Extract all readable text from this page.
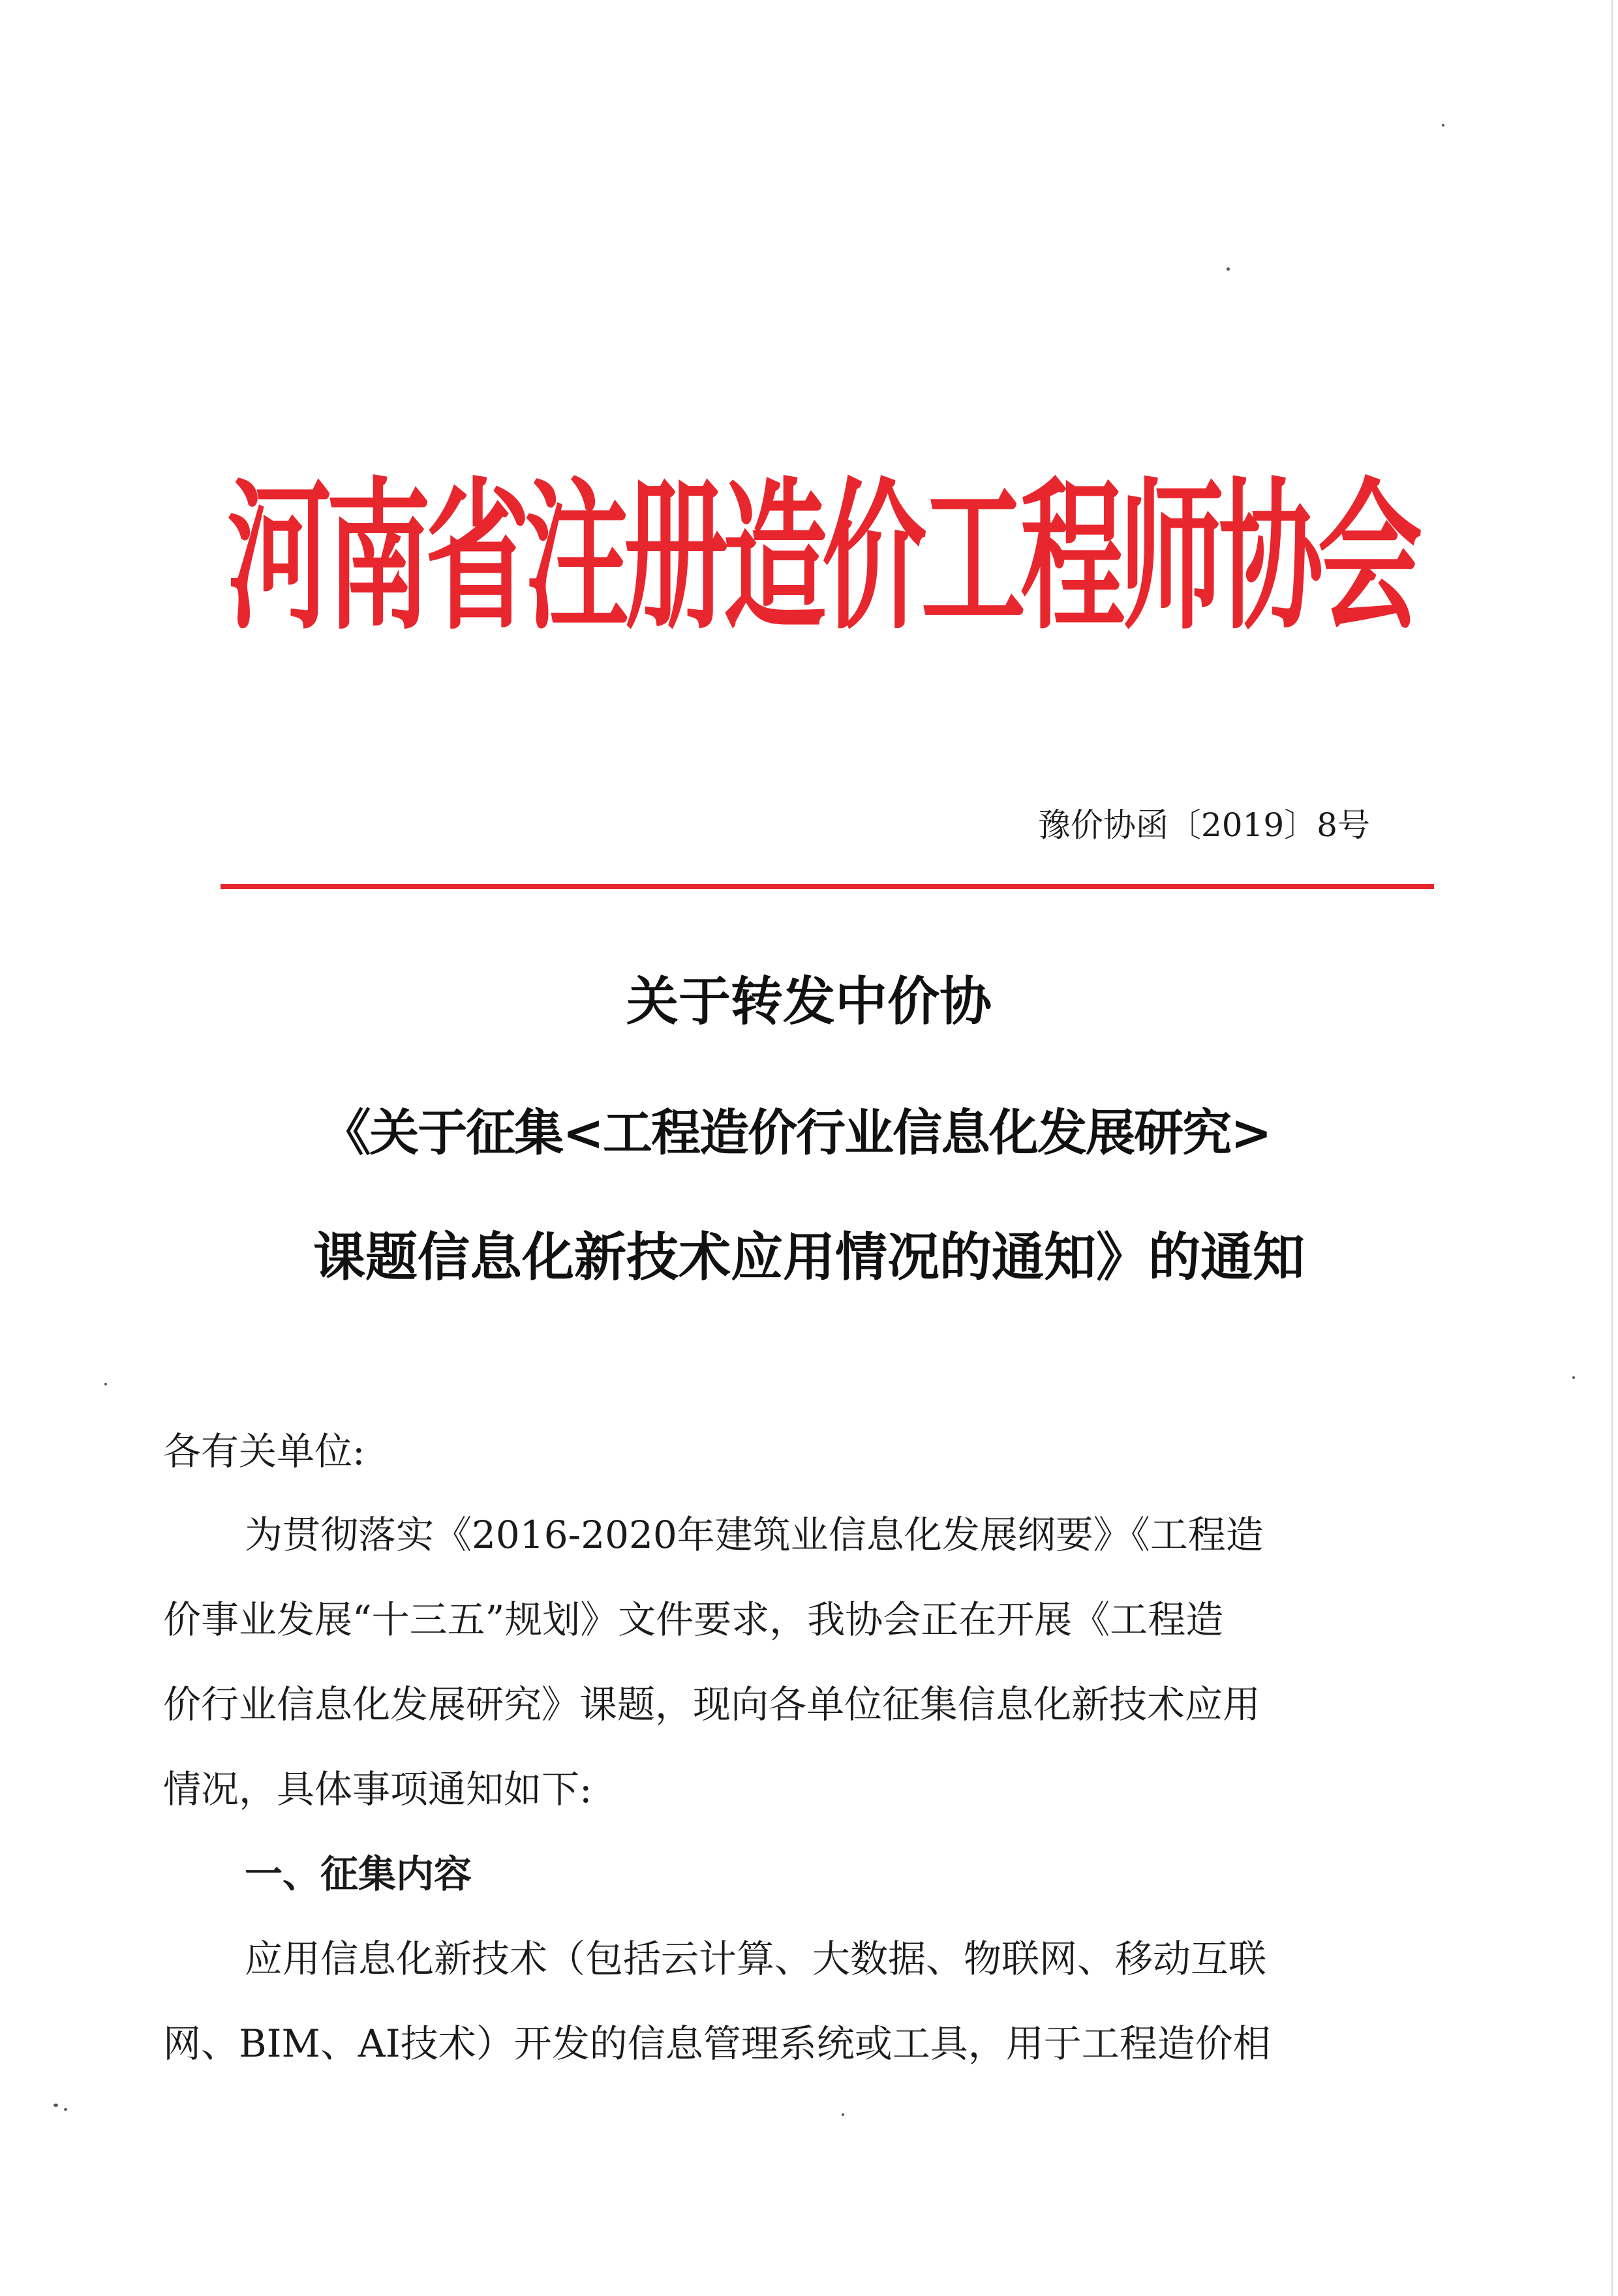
河南省注册造价工程师协会

豫价协函〔2019〕8号

关于转发中价协
《关于征集<工程造价行业信息化发展研究>
课题信息化新技术应用情况的通知》的通知

各有关单位:

为贯彻落实《2016-2020年建筑业信息化发展纲要》《工程造

价事业发展“十三五”规划》文件要求，我协会正在开展《工程造

价行业信息化发展研究》课题，现向各单位征集信息化新技术应用

情况，具体事项通知如下:

一、征集内容

应用信息化新技术（包括云计算、大数据、物联网、移动互联

网、BIM、AI技术）开发的信息管理系统或工具，用于工程造价相
